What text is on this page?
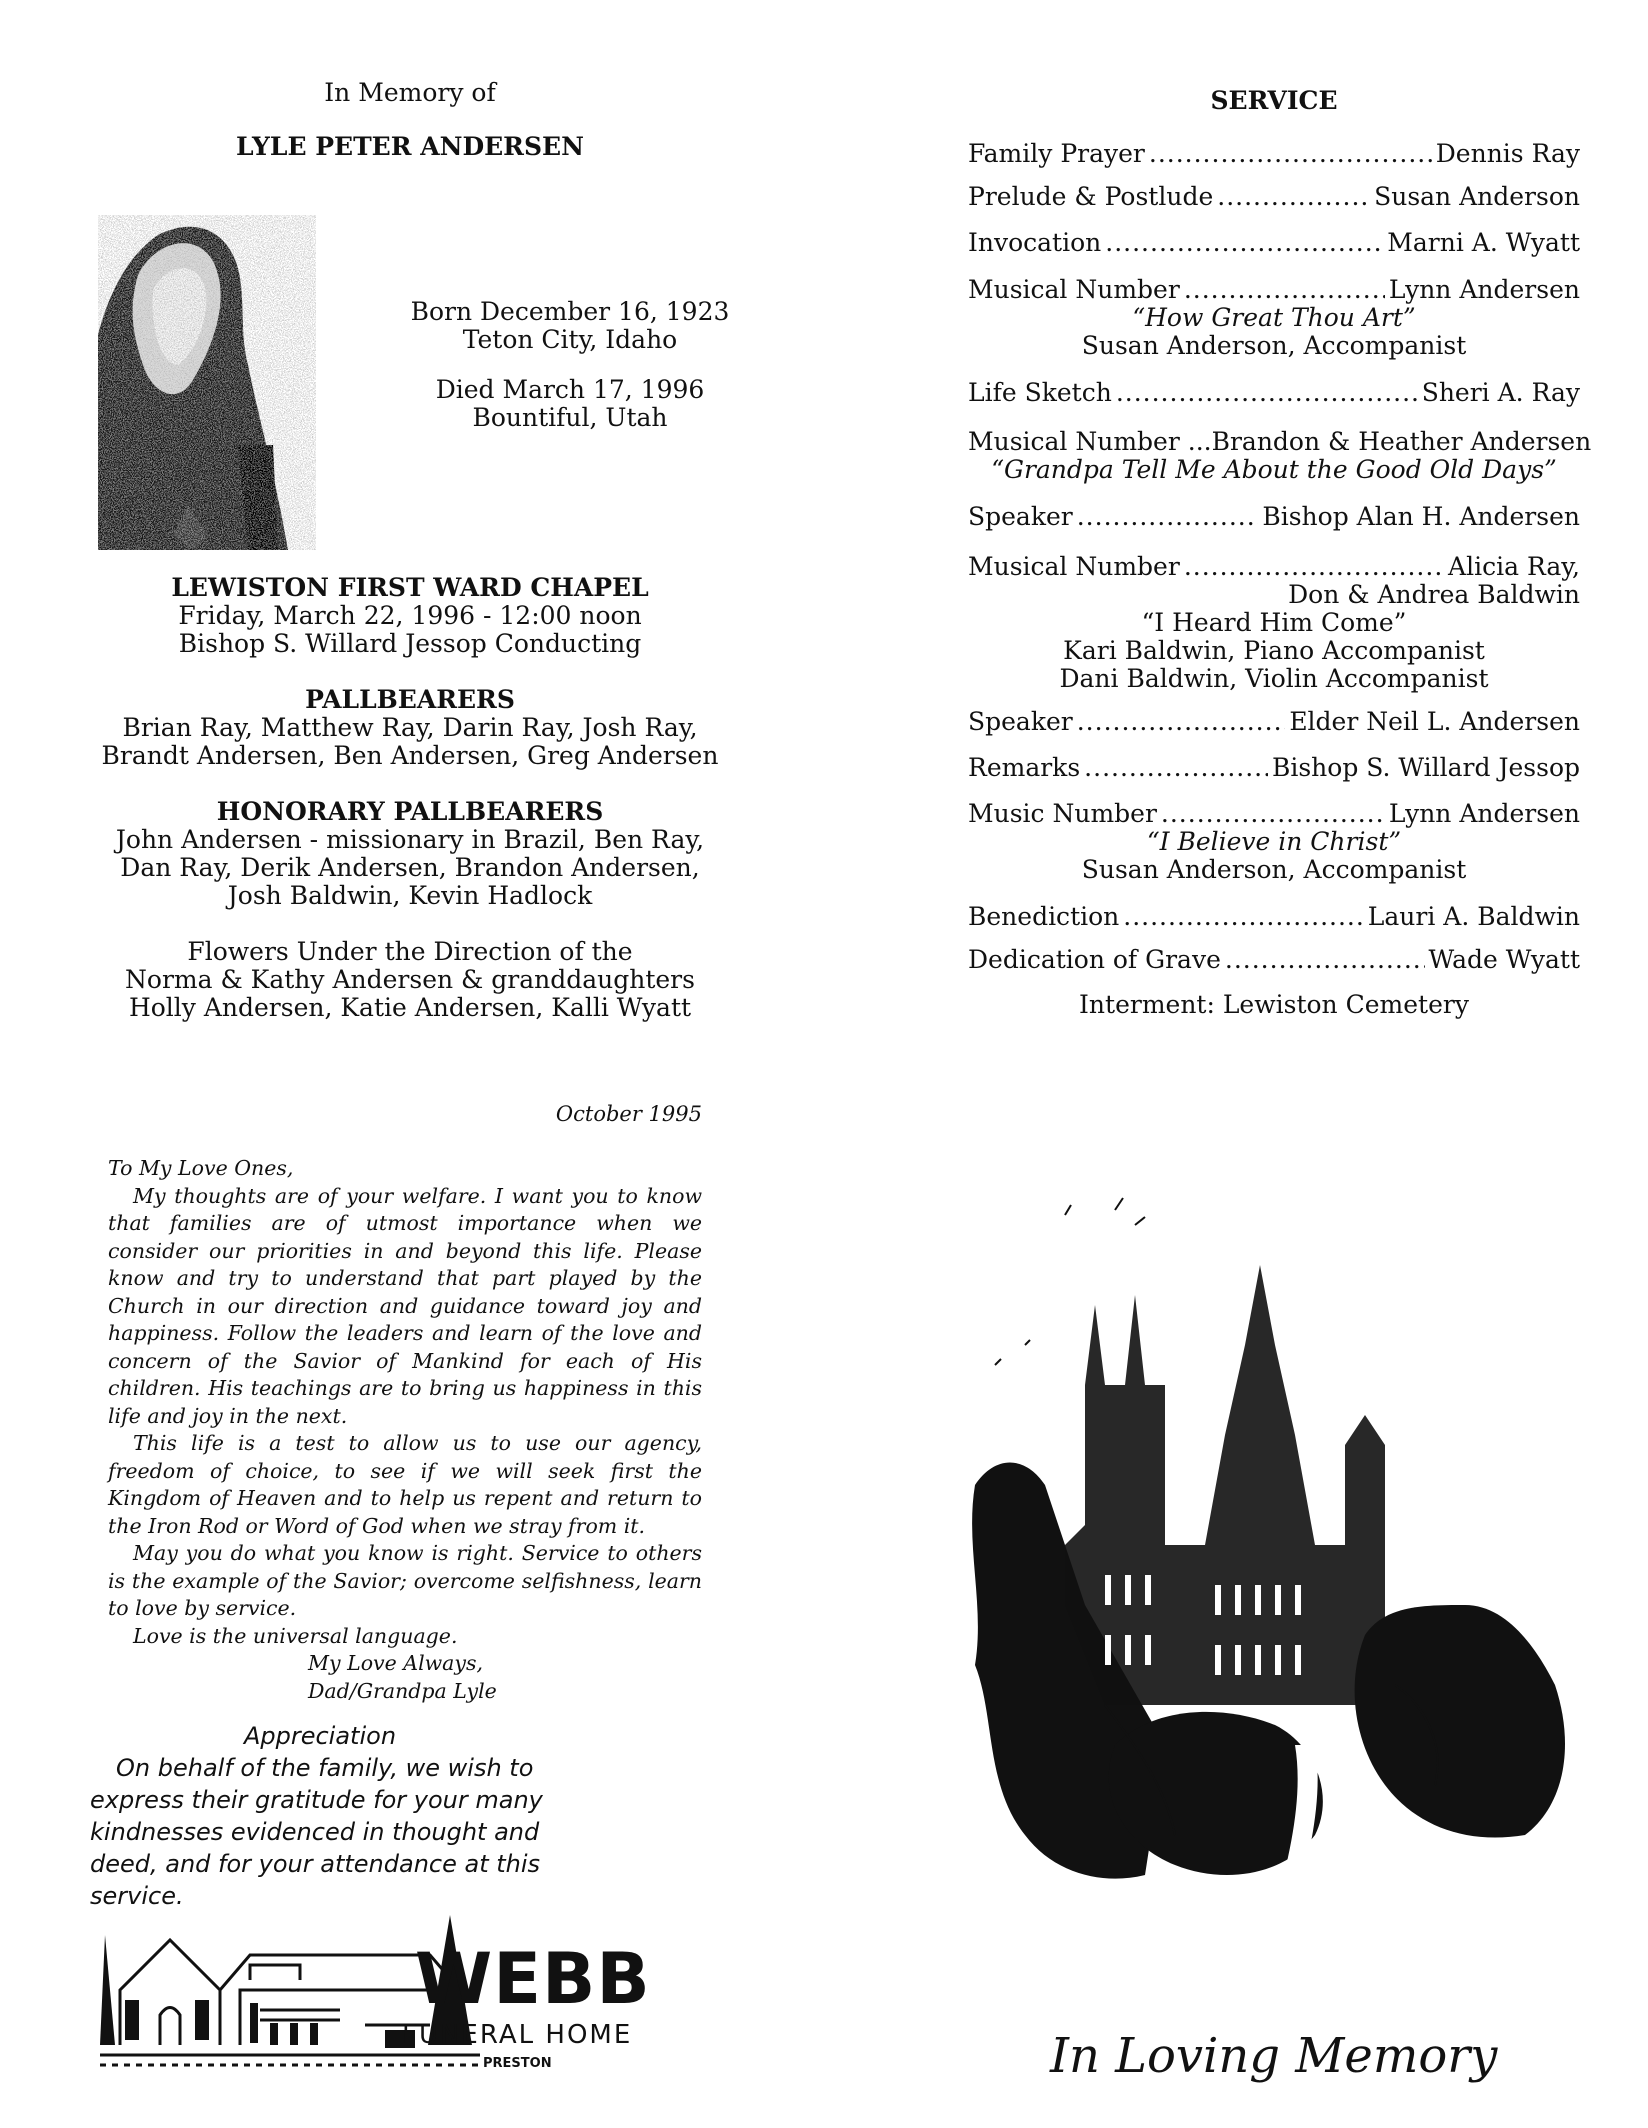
In Memory of
LYLE PETER ANDERSEN
Born December 16, 1923
Teton City, Idaho
Died March 17, 1996
Bountiful, Utah
LEWISTON FIRST WARD CHAPEL
Friday, March 22, 1996 - 12:00 noon
Bishop S. Willard Jessop Conducting
PALLBEARERS
Brian Ray, Matthew Ray, Darin Ray, Josh Ray,
Brandt Andersen, Ben Andersen, Greg Andersen
HONORARY PALLBEARERS
John Andersen - missionary in Brazil, Ben Ray,
Dan Ray, Derik Andersen, Brandon Andersen,
Josh Baldwin, Kevin Hadlock
Flowers Under the Direction of the
Norma & Kathy Andersen & granddaughters
Holly Andersen, Katie Andersen, Kalli Wyatt
October 1995

To My Love Ones,

My thoughts are of your welfare. I want you to know that families are of utmost importance when we consider our priorities in and beyond this life. Please know and try to understand that part played by the Church in our direction and guidance toward joy and happiness. Follow the leaders and learn of the love and concern of the Savior of Mankind for each of His children. His teachings are to bring us happiness in this life and joy in the next.

This life is a test to allow us to use our agency, freedom of choice, to see if we will seek first the Kingdom of Heaven and to help us repent and return to the Iron Rod or Word of God when we stray from it.

May you do what you know is right. Service to others is the example of the Savior; overcome selfishness, learn to love by service.

Love is the universal language.

My Love Always,

Dad/Grandpa Lyle

Appreciation
On behalf of the family, we wish to express their gratitude for your many kindnesses evidenced in thought and deed, and for your attendance at this service.
WEBB
FUNERAL HOME
PRESTON
SERVICE
Family Prayer .....	Dennis Ray
Prelude & Postlude .....	Susan Anderson
Invocation .....	Marni A. Wyatt
Musical Number .....	Lynn Andersen
“How Great Thou Art”
Susan Anderson, Accompanist
Life Sketch .....	Sheri A. Ray
Musical Number ... Brandon & Heather Andersen
“Grandpa Tell Me About the Good Old Days”
Speaker .....	Bishop Alan H. Andersen
Musical Number .....	Alicia Ray,
Don & Andrea Baldwin
“I Heard Him Come”
Kari Baldwin, Piano Accompanist
Dani Baldwin, Violin Accompanist
Speaker .....	Elder Neil L. Andersen
Remarks .....	Bishop S. Willard Jessop
Music Number .....	Lynn Andersen
“I Believe in Christ”
Susan Anderson, Accompanist
Benediction .....	Lauri A. Baldwin
Dedication of Grave .....	Wade Wyatt
Interment: Lewiston Cemetery
In Loving Memory
